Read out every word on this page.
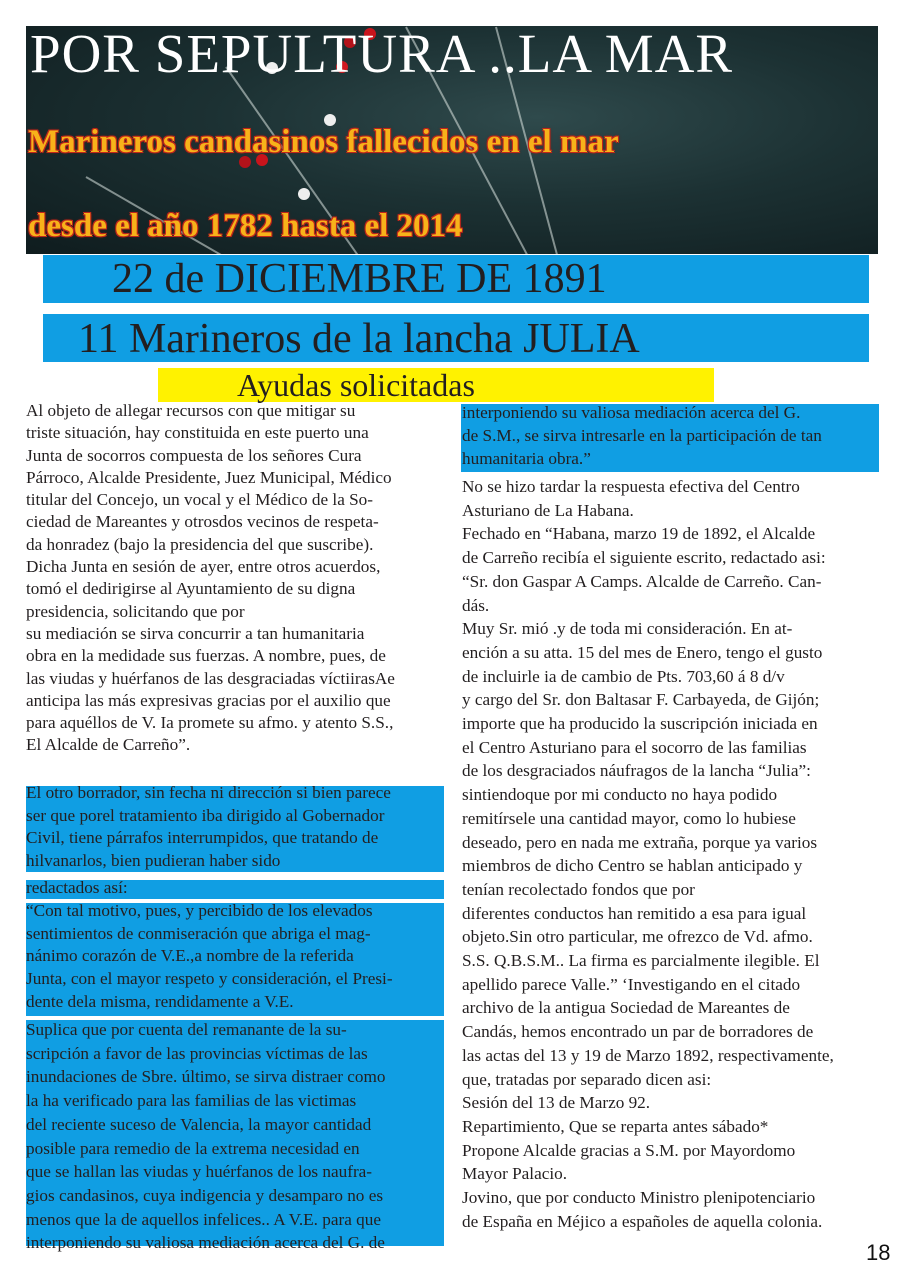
POR SEPULTURA ..LA MAR
Marineros candasinos fallecidos en el mar
desde el año 1782 hasta el 2014
22 de DICIEMBRE DE 1891
11 Marineros de la lancha JULIA
Ayudas solicitadas
Al objeto de allegar recursos con que mitigar su
triste situación, hay constituida en este puerto una
Junta de socorros compuesta de los señores Cura
Párroco, Alcalde Presidente, Juez Municipal, Médico
titular del Concejo, un vocal y el Médico de la So-
ciedad de Mareantes y otrosdos vecinos de respeta-
da honradez (bajo la presidencia del que suscribe).
Dicha Junta en sesión de ayer, entre otros acuerdos,
tomó el dedirigirse al Ayuntamiento de su digna
presidencia, solicitando que por
su mediación se sirva concurrir a tan humanitaria
obra en la medidade sus fuerzas. A nombre, pues, de
las viudas y huérfanos de las desgraciadas víctiirasAe
anticipa las más expresivas gracias por el auxilio que
para aquéllos de V. Ia promete su afmo. y atento S.S.,
El Alcalde de Carreño”.
El otro borrador, sin fecha ni dirección si bien parece
ser que porel tratamiento iba dirigido al Gobernador
Civil, tiene párrafos interrumpidos, que tratando de
hilvanarlos, bien pudieran haber sido
redactados así:
“Con tal motivo, pues, y percibido de los elevados
sentimientos de conmiseración que abriga el mag-
nánimo corazón de V.E.,a nombre de la referida
Junta, con el mayor respeto y consideración, el Presi-
dente dela misma, rendidamente a V.E.
Suplica que por cuenta del remanante de la su-
scripción a favor de las provincias víctimas de las
inundaciones de Sbre. último, se sirva distraer como
la ha verificado para las familias de las victimas
del reciente suceso de Valencia, la mayor cantidad
posible para remedio de la extrema necesidad en
que se hallan las viudas y huérfanos de los naufra-
gios candasinos, cuya indigencia y desamparo no es
menos que la de aquellos infelices.. A V.E. para que
interponiendo su valiosa mediación acerca del G. de
interponiendo su valiosa mediación acerca del G.
de S.M., se sirva intresarle en la participación de tan
humanitaria obra.”
No se hizo tardar la respuesta efectiva del Centro
Asturiano de La Habana.
Fechado en “Habana, marzo 19 de 1892, el Alcalde
de Carreño recibía el siguiente escrito, redactado asi:
“Sr. don Gaspar A Camps. Alcalde de Carreño. Can-
dás.
Muy Sr. mió .y de toda mi consideración. En at-
ención a su atta. 15 del mes de Enero, tengo el gusto
de incluirle ia de cambio de Pts. 703,60 á 8 d/v
y cargo del Sr. don Baltasar F. Carbayeda, de Gijón;
importe que ha producido la suscripción iniciada en
el Centro Asturiano para el socorro de las familias
de los desgraciados náufragos de la lancha “Julia”:
sintiendoque por mi conducto no haya podido
remitírsele una cantidad mayor, como lo hubiese
deseado, pero en nada me extraña, porque ya varios
miembros de dicho Centro se hablan anticipado y
tenían recolectado fondos que por
diferentes conductos han remitido a esa para igual
objeto.Sin otro particular, me ofrezco de Vd. afmo.
S.S. Q.B.S.M.. La firma es parcialmente ilegible. El
apellido parece Valle.” ‘Investigando en el citado
archivo de la antigua Sociedad de Mareantes de
Candás, hemos encontrado un par de borradores de
las actas del 13 y 19 de Marzo 1892, respectivamente,
que, tratadas por separado dicen asi:
Sesión del 13 de Marzo 92.
Repartimiento, Que se reparta antes sábado*
Propone Alcalde gracias a S.M. por Mayordomo
Mayor Palacio.
Jovino, que por conducto Ministro plenipotenciario
de España en Méjico a españoles de aquella colonia.
18
